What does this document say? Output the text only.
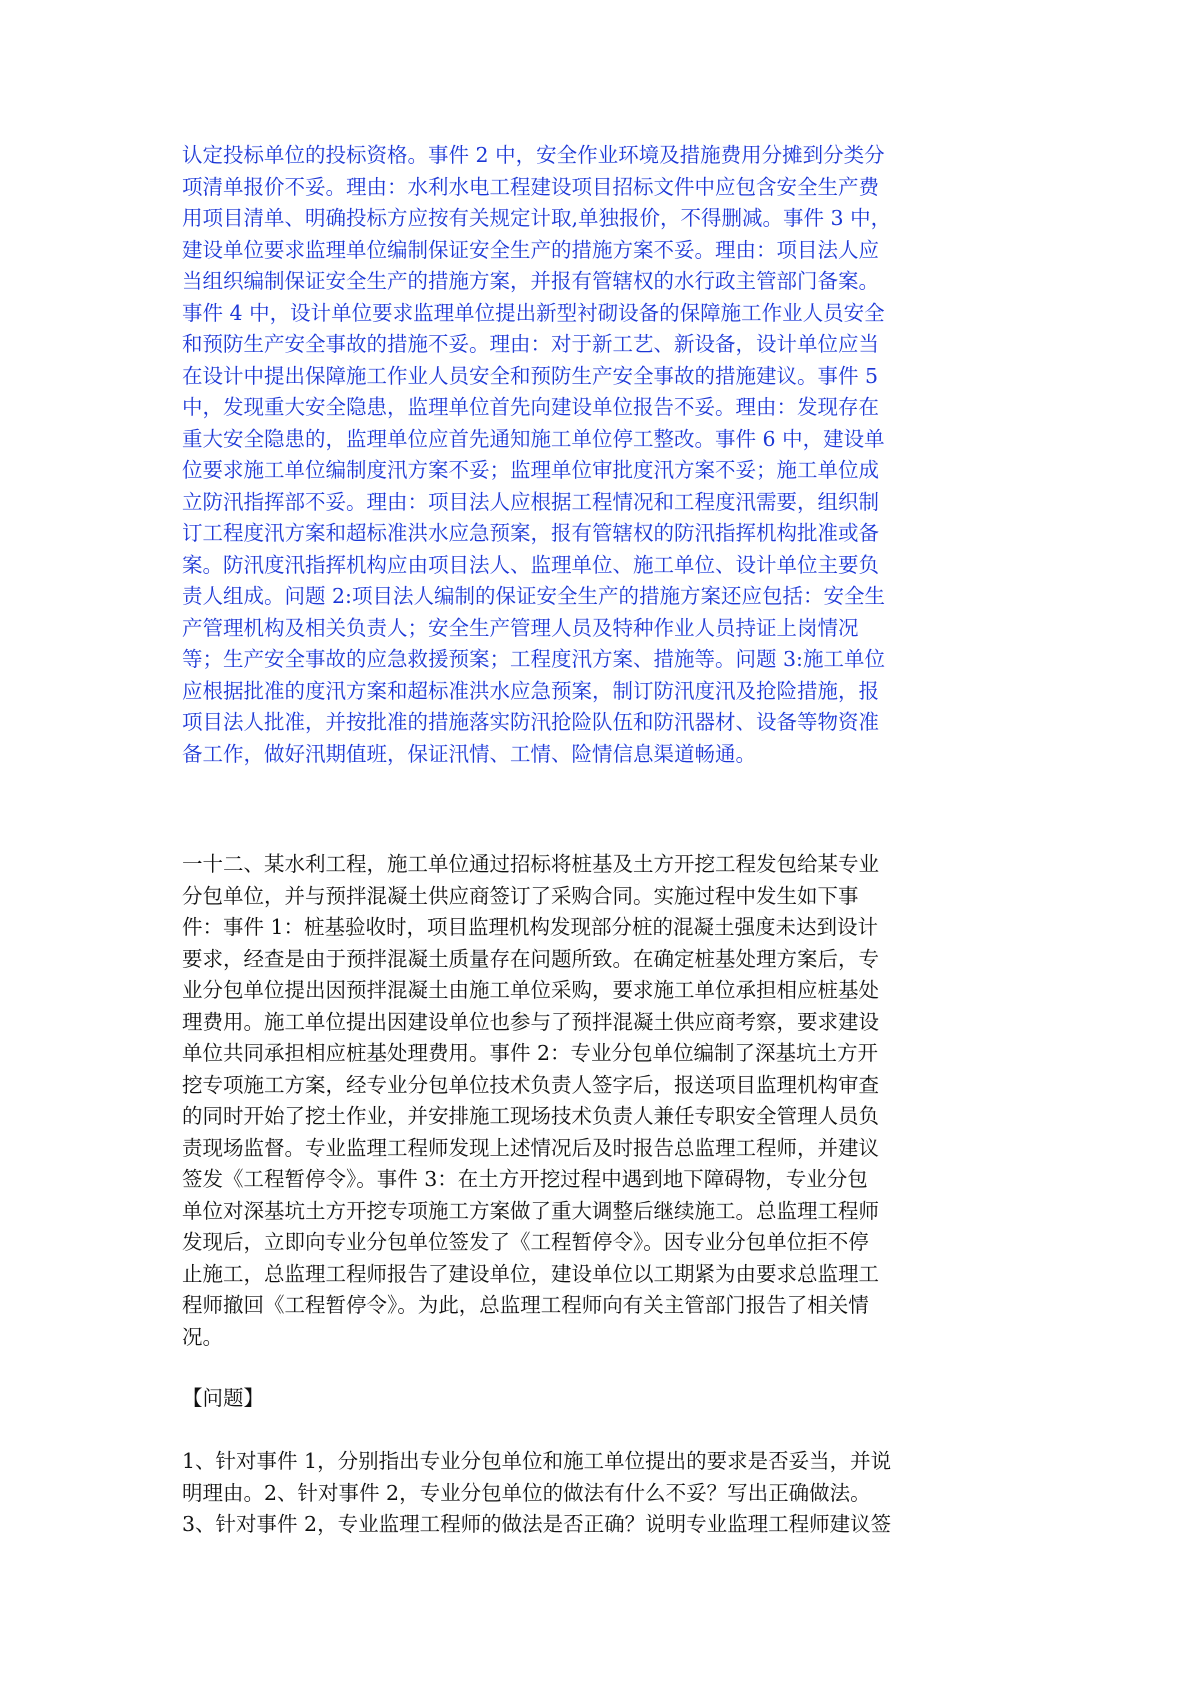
认定投标单位的投标资格。事件 2 中，安全作业环境及措施费用分摊到分类分
项清单报价不妥。理由：水利水电工程建设项目招标文件中应包含安全生产费
用项目清单、明确投标方应按有关规定计取,单独报价，不得删减。事件 3 中，
建设单位要求监理单位编制保证安全生产的措施方案不妥。理由：项目法人应
当组织编制保证安全生产的措施方案，并报有管辖权的水行政主管部门备案。
事件 4 中，设计单位要求监理单位提出新型衬砌设备的保障施工作业人员安全
和预防生产安全事故的措施不妥。理由：对于新工艺、新设备，设计单位应当
在设计中提出保障施工作业人员安全和预防生产安全事故的措施建议。事件 5
中，发现重大安全隐患，监理单位首先向建设单位报告不妥。理由：发现存在
重大安全隐患的，监理单位应首先通知施工单位停工整改。事件 6 中，建设单
位要求施工单位编制度汛方案不妥；监理单位审批度汛方案不妥；施工单位成
立防汛指挥部不妥。理由：项目法人应根据工程情况和工程度汛需要，组织制
订工程度汛方案和超标准洪水应急预案，报有管辖权的防汛指挥机构批准或备
案。防汛度汛指挥机构应由项目法人、监理单位、施工单位、设计单位主要负
责人组成。问题 2:项目法人编制的保证安全生产的措施方案还应包括：安全生
产管理机构及相关负责人；安全生产管理人员及特种作业人员持证上岗情况
等；生产安全事故的应急救援预案；工程度汛方案、措施等。问题 3:施工单位
应根据批准的度汛方案和超标准洪水应急预案，制订防汛度汛及抢险措施，报
项目法人批准，并按批准的措施落实防汛抢险队伍和防汛器材、设备等物资准
备工作，做好汛期值班，保证汛情、工情、险情信息渠道畅通。
一十二、某水利工程，施工单位通过招标将桩基及土方开挖工程发包给某专业
分包单位，并与预拌混凝土供应商签订了采购合同。实施过程中发生如下事
件：事件 1：桩基验收时，项目监理机构发现部分桩的混凝土强度未达到设计
要求，经查是由于预拌混凝土质量存在问题所致。在确定桩基处理方案后，专
业分包单位提出因预拌混凝土由施工单位采购，要求施工单位承担相应桩基处
理费用。施工单位提出因建设单位也参与了预拌混凝土供应商考察，要求建设
单位共同承担相应桩基处理费用。事件 2：专业分包单位编制了深基坑土方开
挖专项施工方案，经专业分包单位技术负责人签字后，报送项目监理机构审查
的同时开始了挖土作业，并安排施工现场技术负责人兼任专职安全管理人员负
责现场监督。专业监理工程师发现上述情况后及时报告总监理工程师，并建议
签发《工程暂停令》。事件 3：在土方开挖过程中遇到地下障碍物，专业分包
单位对深基坑土方开挖专项施工方案做了重大调整后继续施工。总监理工程师
发现后，立即向专业分包单位签发了《工程暂停令》。因专业分包单位拒不停
止施工，总监理工程师报告了建设单位，建设单位以工期紧为由要求总监理工
程师撤回《工程暂停令》。为此，总监理工程师向有关主管部门报告了相关情
况。
【问题】
1、针对事件 1，分别指出专业分包单位和施工单位提出的要求是否妥当，并说
明理由。2、针对事件 2，专业分包单位的做法有什么不妥？写出正确做法。
3、针对事件 2，专业监理工程师的做法是否正确？说明专业监理工程师建议签
